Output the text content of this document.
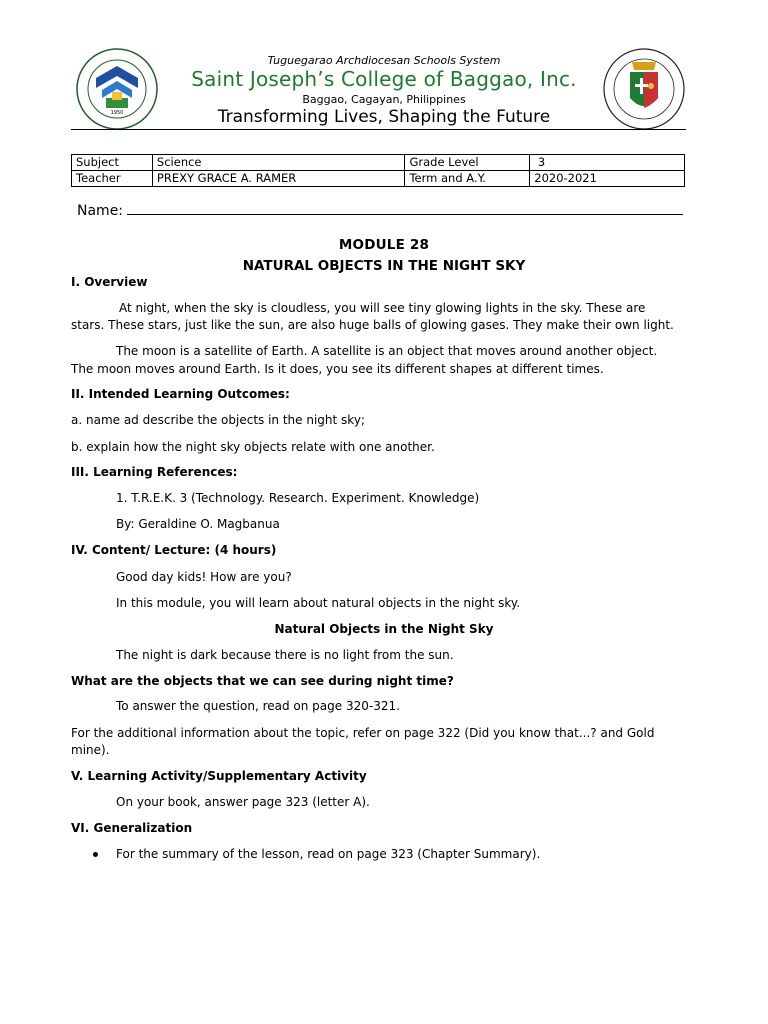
1950
Tuguegarao Archdiocesan Schools System
Saint Joseph’s College of Baggao, Inc.
Baggao, Cagayan, Philippines
Transforming Lives, Shaping the Future
Subject	Science	Grade Level	3
Teacher	PREXY GRACE A. RAMER	Term and A.Y.	2020-2021
Name:
MODULE 28
NATURAL OBJECTS IN THE NIGHT SKY
I. Overview
At night, when the sky is cloudless, you will see tiny glowing lights in the sky. These are
stars. These stars, just like the sun, are also huge balls of glowing gases. They make their own light.
The moon is a satellite of Earth. A satellite is an object that moves around another object.
The moon moves around Earth. Is it does, you see its different shapes at different times.
II. Intended Learning Outcomes:
a. name ad describe the objects in the night sky;
b. explain how the night sky objects relate with one another.
III. Learning References:
1. T.R.E.K. 3 (Technology. Research. Experiment. Knowledge)
By: Geraldine O. Magbanua
IV. Content/ Lecture: (4 hours)
Good day kids! How are you?
In this module, you will learn about natural objects in the night sky.
Natural Objects in the Night Sky
The night is dark because there is no light from the sun.
What are the objects that we can see during night time?
To answer the question, read on page 320-321.
For the additional information about the topic, refer on page 322 (Did you know that...? and Gold
mine).
V. Learning Activity/Supplementary Activity
On your book, answer page 323 (letter A).
VI. Generalization
For the summary of the lesson, read on page 323 (Chapter Summary).
